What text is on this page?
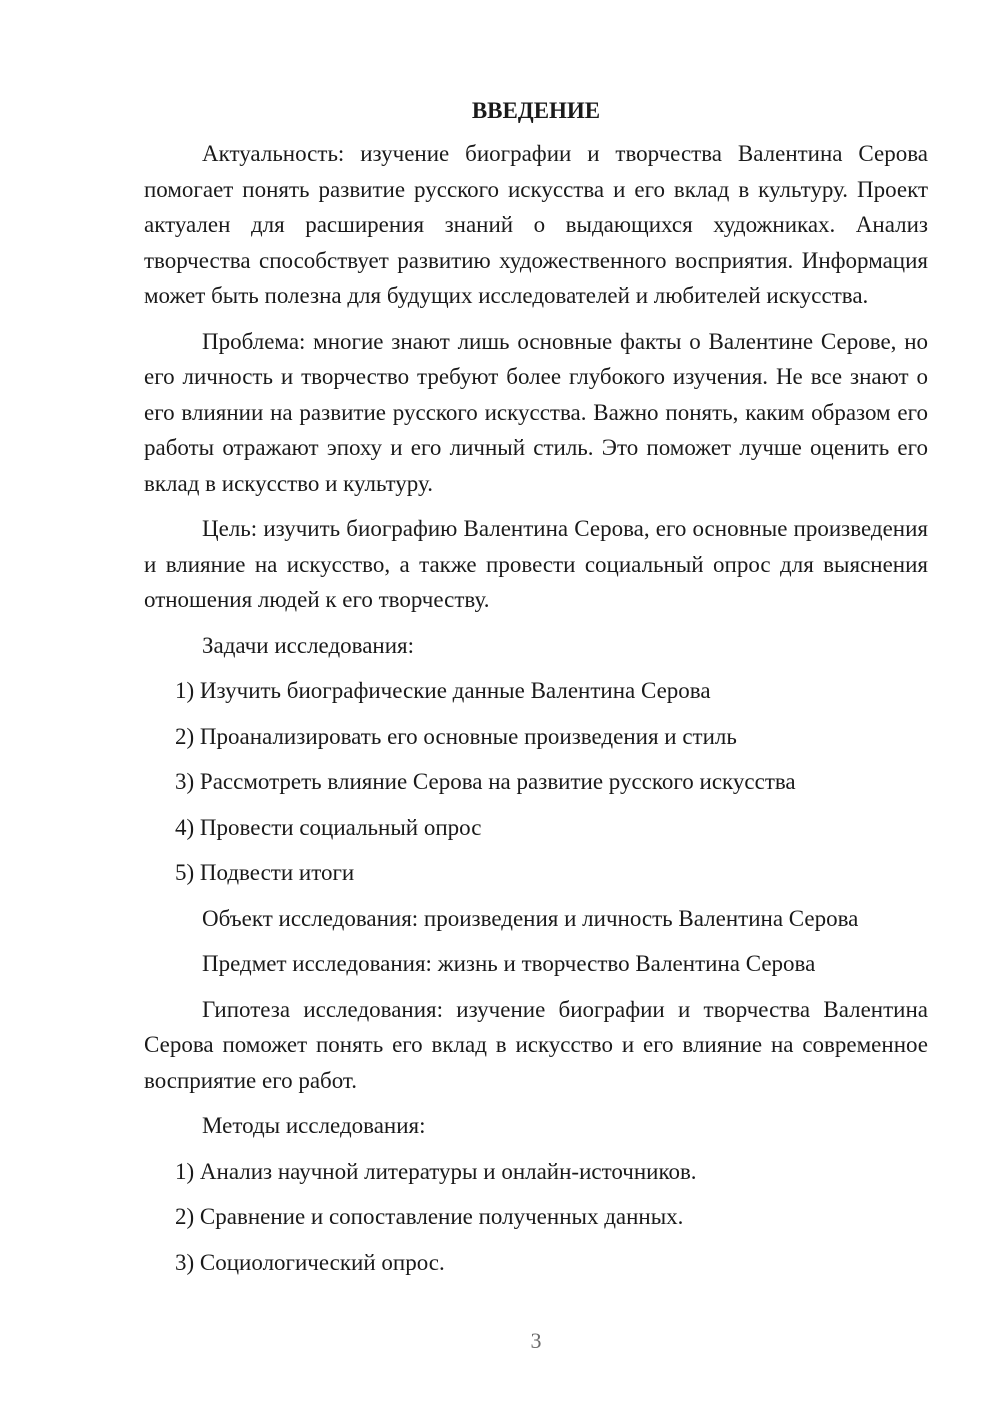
ВВЕДЕНИЕ

Актуальность: изучение биографии и творчества Валентина Серова помогает понять развитие русского искусства и его вклад в культуру. Проект актуален для расширения знаний о выдающихся художниках. Анализ творчества способствует развитию художественного восприятия. Информация может быть полезна для будущих исследователей и любителей искусства.

Проблема: многие знают лишь основные факты о Валентине Серове, но его личность и творчество требуют более глубокого изучения. Не все знают о его влиянии на развитие русского искусства. Важно понять, каким образом его работы отражают эпоху и его личный стиль. Это поможет лучше оценить его вклад в искусство и культуру.

Цель: изучить биографию Валентина Серова, его основные произведения и влияние на искусство, а также провести социальный опрос для выяснения отношения людей к его творчеству.

Задачи исследования:

1) Изучить биографические данные Валентина Серова

2) Проанализировать его основные произведения и стиль

3) Рассмотреть влияние Серова на развитие русского искусства

4) Провести социальный опрос

5) Подвести итоги

Объект исследования: произведения и личность Валентина Серова

Предмет исследования: жизнь и творчество Валентина Серова

Гипотеза исследования: изучение биографии и творчества Валентина Серова поможет понять его вклад в искусство и его влияние на современное восприятие его работ.

Методы исследования:

1) Анализ научной литературы и онлайн-источников.

2) Сравнение и сопоставление полученных данных.

3) Социологический опрос.

3
